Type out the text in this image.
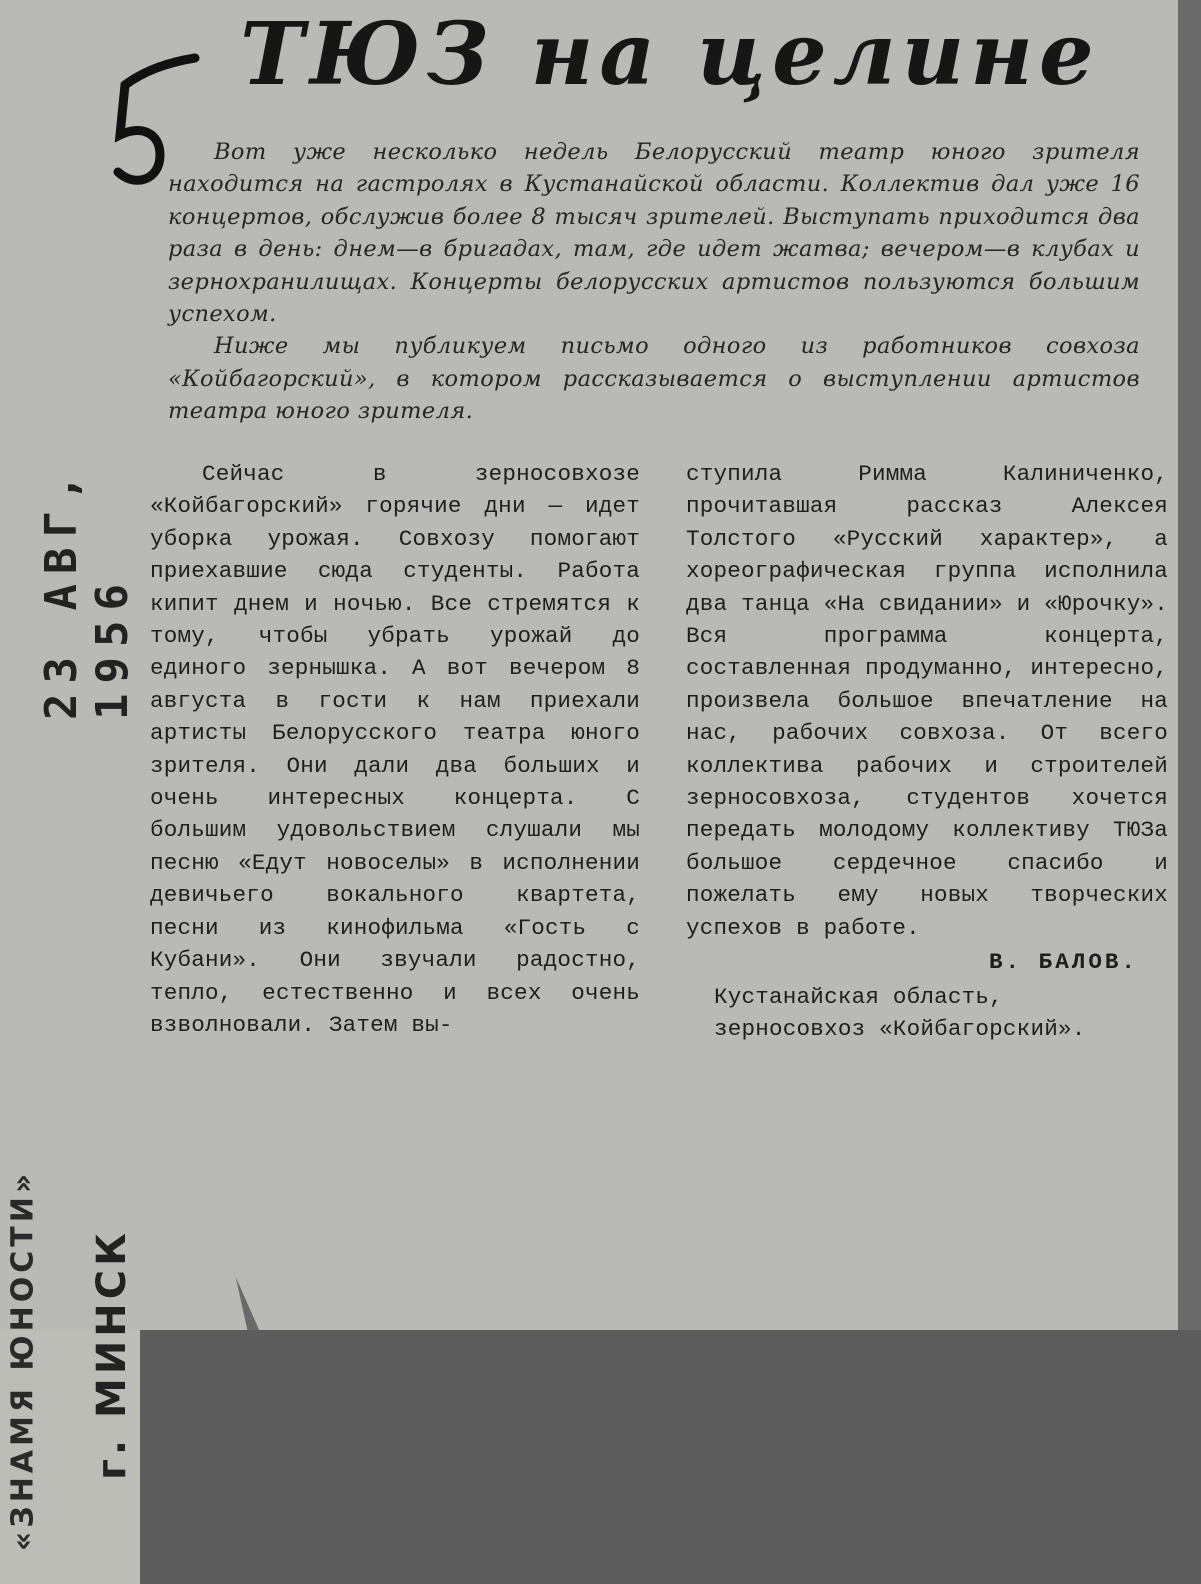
23 АВГ, 1956
«ЗНАМЯ ЮНОСТИ» г. МИНСК
ТЮЗ на целине

Вот уже несколько недель Белорусский театр юного зрителя находится на гастролях в Кустанайской области. Коллектив дал уже 16 концертов, обслужив более 8 тысяч зрителей. Выступать приходится два раза в день: днем—в бригадах, там, где идет жатва; вечером—в клубах и зернохранилищах. Концерты белорусских артистов пользуются большим успехом.

Ниже мы публикуем письмо одного из работников совхоза «Койбагорский», в котором рассказывается о выступлении артистов театра юного зрителя.

Сейчас в зерносовхозе «Койбагорский» горячие дни — идет уборка урожая. Совхозу помогают приехавшие сюда студенты. Работа кипит днем и ночью. Все стремятся к тому, чтобы убрать урожай до единого зернышка. А вот вечером 8 августа в гости к нам приехали артисты Белорусского театра юного зрителя. Они дали два больших и очень интересных концерта. С большим удовольствием слушали мы песню «Едут новоселы» в исполнении девичьего вокального квартета, песни из кинофильма «Гость с Кубани». Они звучали радостно, тепло, естественно и всех очень взволновали. Затем вы-

ступила Римма Калиниченко, прочитавшая рассказ Алексея Толстого «Русский характер», а хореографическая группа исполнила два танца «На свидании» и «Юрочку». Вся программа концерта, составленная продуманно, интересно, произвела большое впечатление на нас, рабочих совхоза. От всего коллектива рабочих и строителей зерносовхоза, студентов хочется передать молодому коллективу ТЮЗа большое сердечное спасибо и пожелать ему новых творческих успехов в работе.

В. БАЛОВ.
Кустанайская область, зерносовхоз «Койбагорский».
